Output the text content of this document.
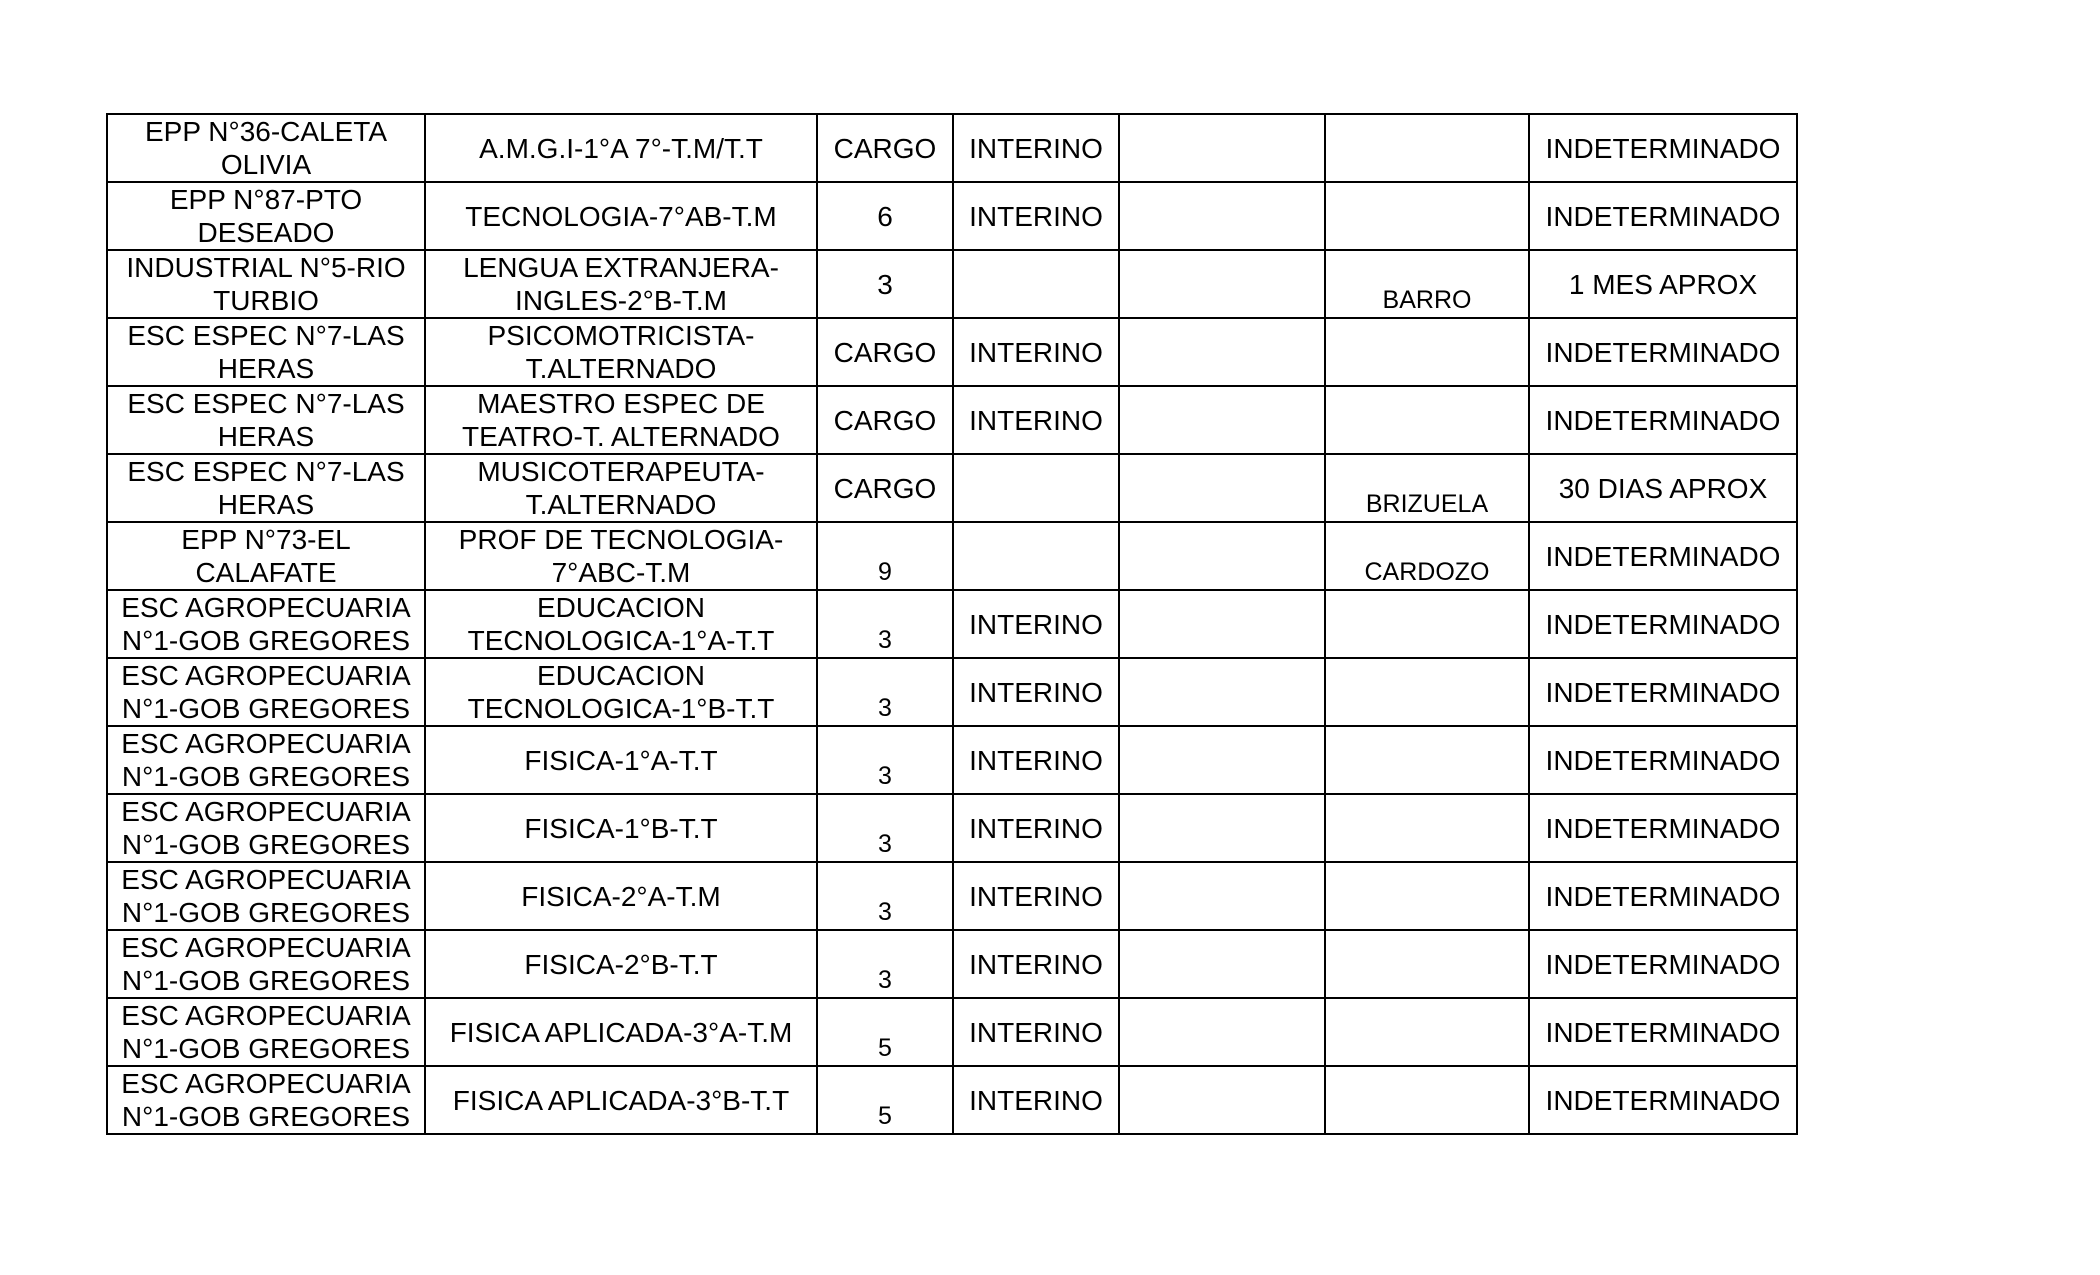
EPP N°36-CALETA OLIVIA	A.M.G.I-1°A 7°-T.M/T.T	CARGO	INTERINO			INDETERMINADO

EPP N°87-PTO DESEADO	TECNOLOGIA-7°AB-T.M	6	INTERINO			INDETERMINADO

INDUSTRIAL N°5-RIO TURBIO	LENGUA EXTRANJERA-INGLES-2°B-T.M	3			BARRO	1 MES APROX

ESC ESPEC N°7-LAS HERAS	PSICOMOTRICISTA-T.ALTERNADO	CARGO	INTERINO			INDETERMINADO

ESC ESPEC N°7-LAS HERAS	MAESTRO ESPEC DE TEATRO-T. ALTERNADO	CARGO	INTERINO			INDETERMINADO

ESC ESPEC N°7-LAS HERAS	MUSICOTERAPEUTA-T.ALTERNADO	CARGO			BRIZUELA	30 DIAS APROX

EPP N°73-EL CALAFATE	PROF DE TECNOLOGIA-7°ABC-T.M	9			CARDOZO	INDETERMINADO

ESC AGROPECUARIA N°1-GOB GREGORES	EDUCACION TECNOLOGICA-1°A-T.T	3	INTERINO			INDETERMINADO

ESC AGROPECUARIA N°1-GOB GREGORES	EDUCACION TECNOLOGICA-1°B-T.T	3	INTERINO			INDETERMINADO

ESC AGROPECUARIA N°1-GOB GREGORES	FISICA-1°A-T.T	3	INTERINO			INDETERMINADO

ESC AGROPECUARIA N°1-GOB GREGORES	FISICA-1°B-T.T	3	INTERINO			INDETERMINADO

ESC AGROPECUARIA N°1-GOB GREGORES	FISICA-2°A-T.M	3	INTERINO			INDETERMINADO

ESC AGROPECUARIA N°1-GOB GREGORES	FISICA-2°B-T.T	3	INTERINO			INDETERMINADO

ESC AGROPECUARIA N°1-GOB GREGORES	FISICA APLICADA-3°A-T.M	5	INTERINO			INDETERMINADO

ESC AGROPECUARIA N°1-GOB GREGORES	FISICA APLICADA-3°B-T.T	5	INTERINO			INDETERMINADO
